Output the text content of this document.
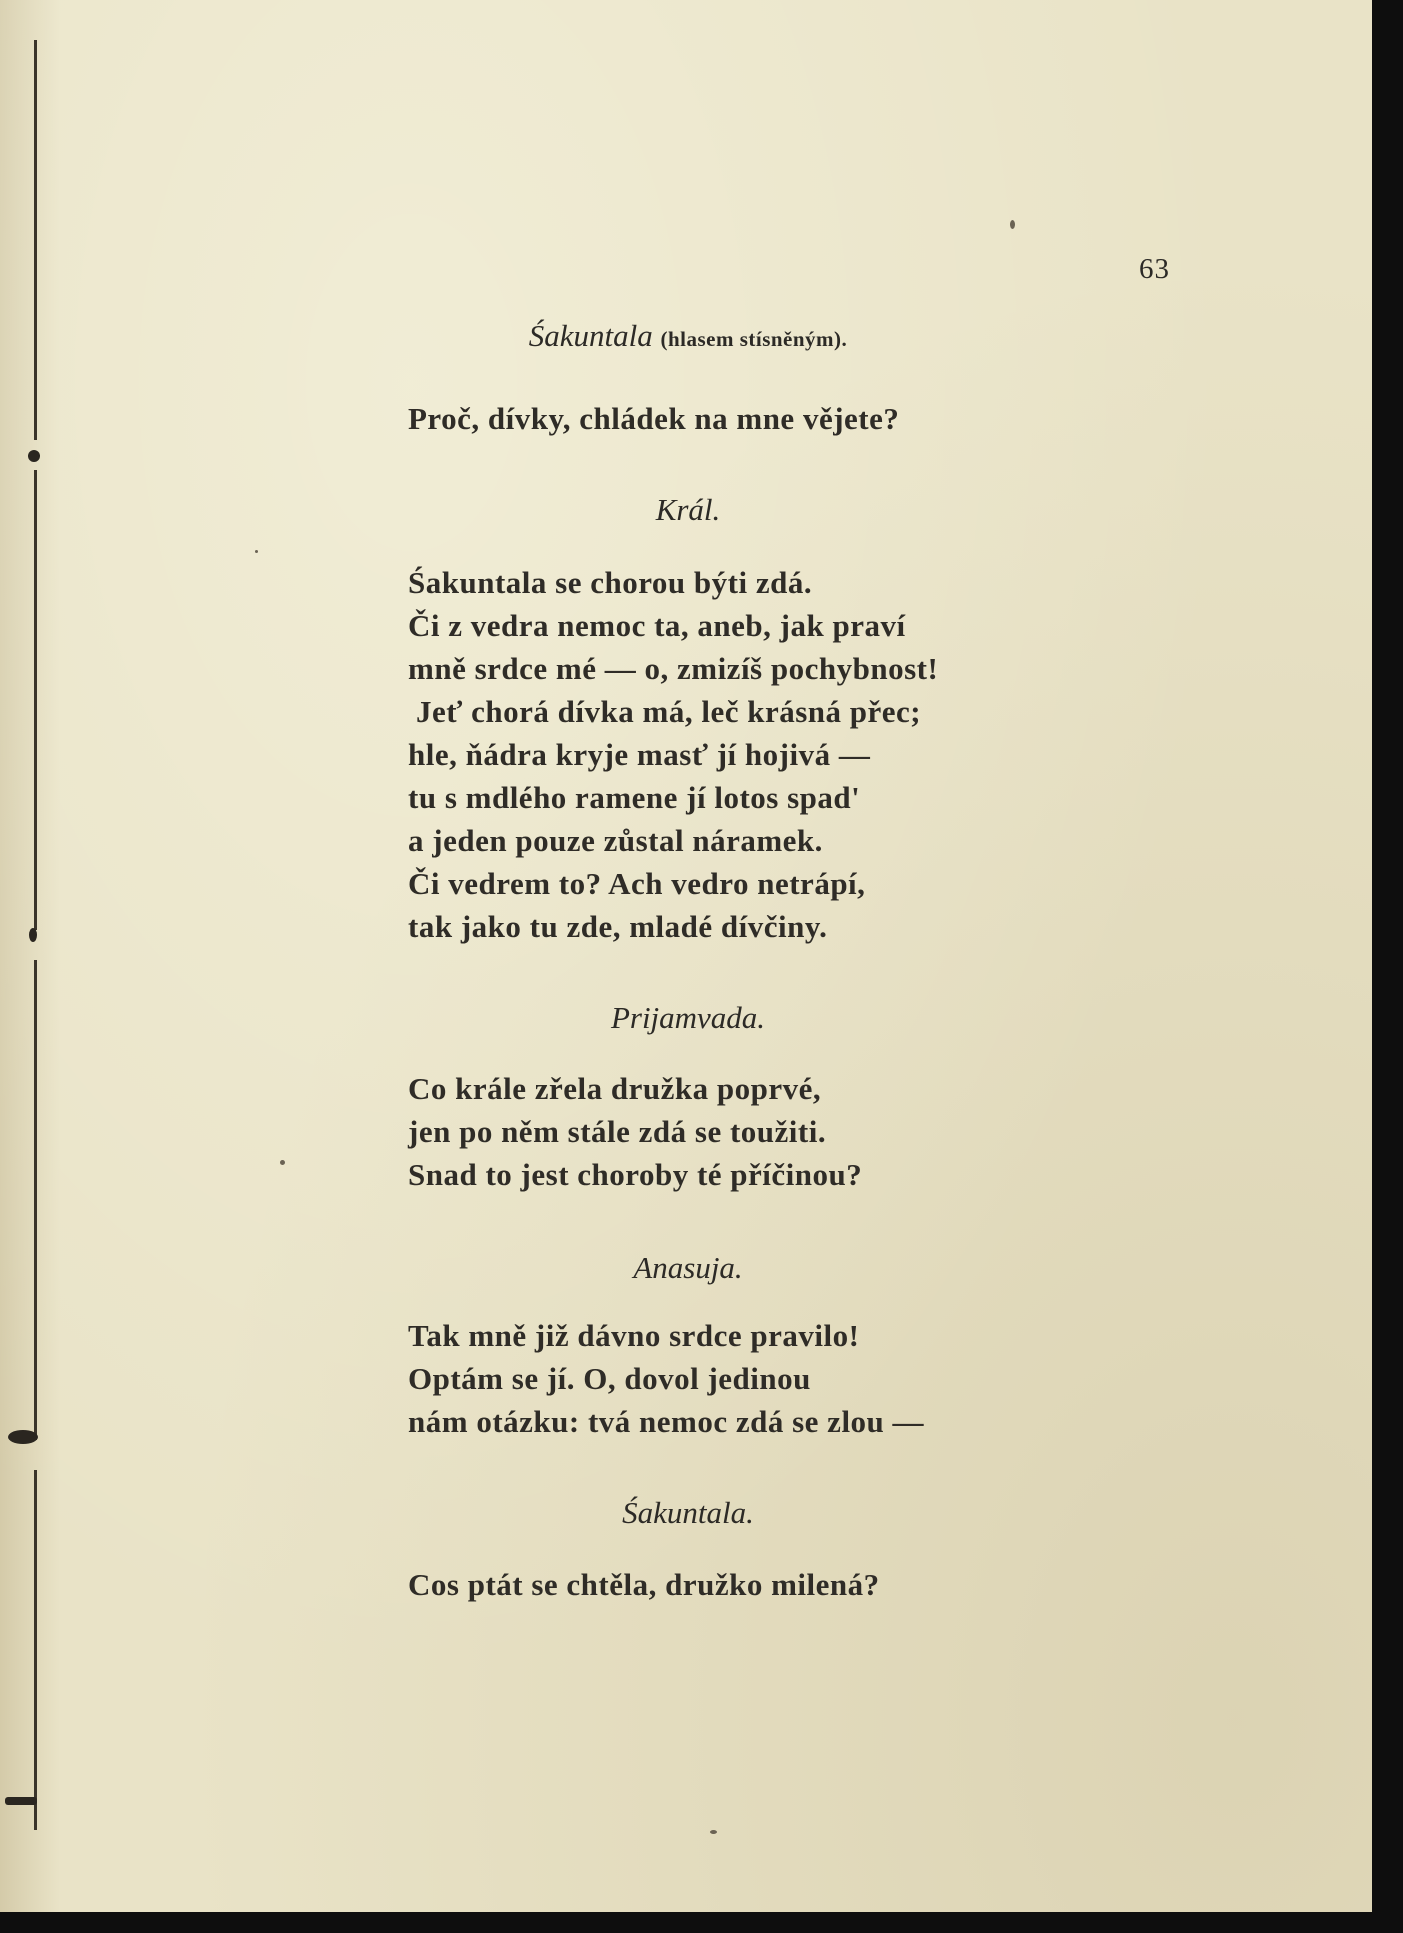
63
Śakuntala (hlasem stísněným).
Proč, dívky, chládek na mne vějete?
Král.
Śakuntala se chorou býti zdá.
Či z vedra nemoc ta, aneb, jak praví
mně srdce mé — o, zmizíš pochybnost!
Jeť chorá dívka má, leč krásná přec;
hle, ňádra kryje masť jí hojivá —
tu s mdlého ramene jí lotos spad'
a jeden pouze zůstal náramek.
Či vedrem to? Ach vedro netrápí,
tak jako tu zde, mladé dívčiny.
Prijamvada.
Co krále zřela družka poprvé,
jen po něm stále zdá se toužiti.
Snad to jest choroby té příčinou?
Anasuja.
Tak mně již dávno srdce pravilo!
Optám se jí. O, dovol jedinou
nám otázku: tvá nemoc zdá se zlou —
Śakuntala.
Cos ptát se chtěla, družko milená?
